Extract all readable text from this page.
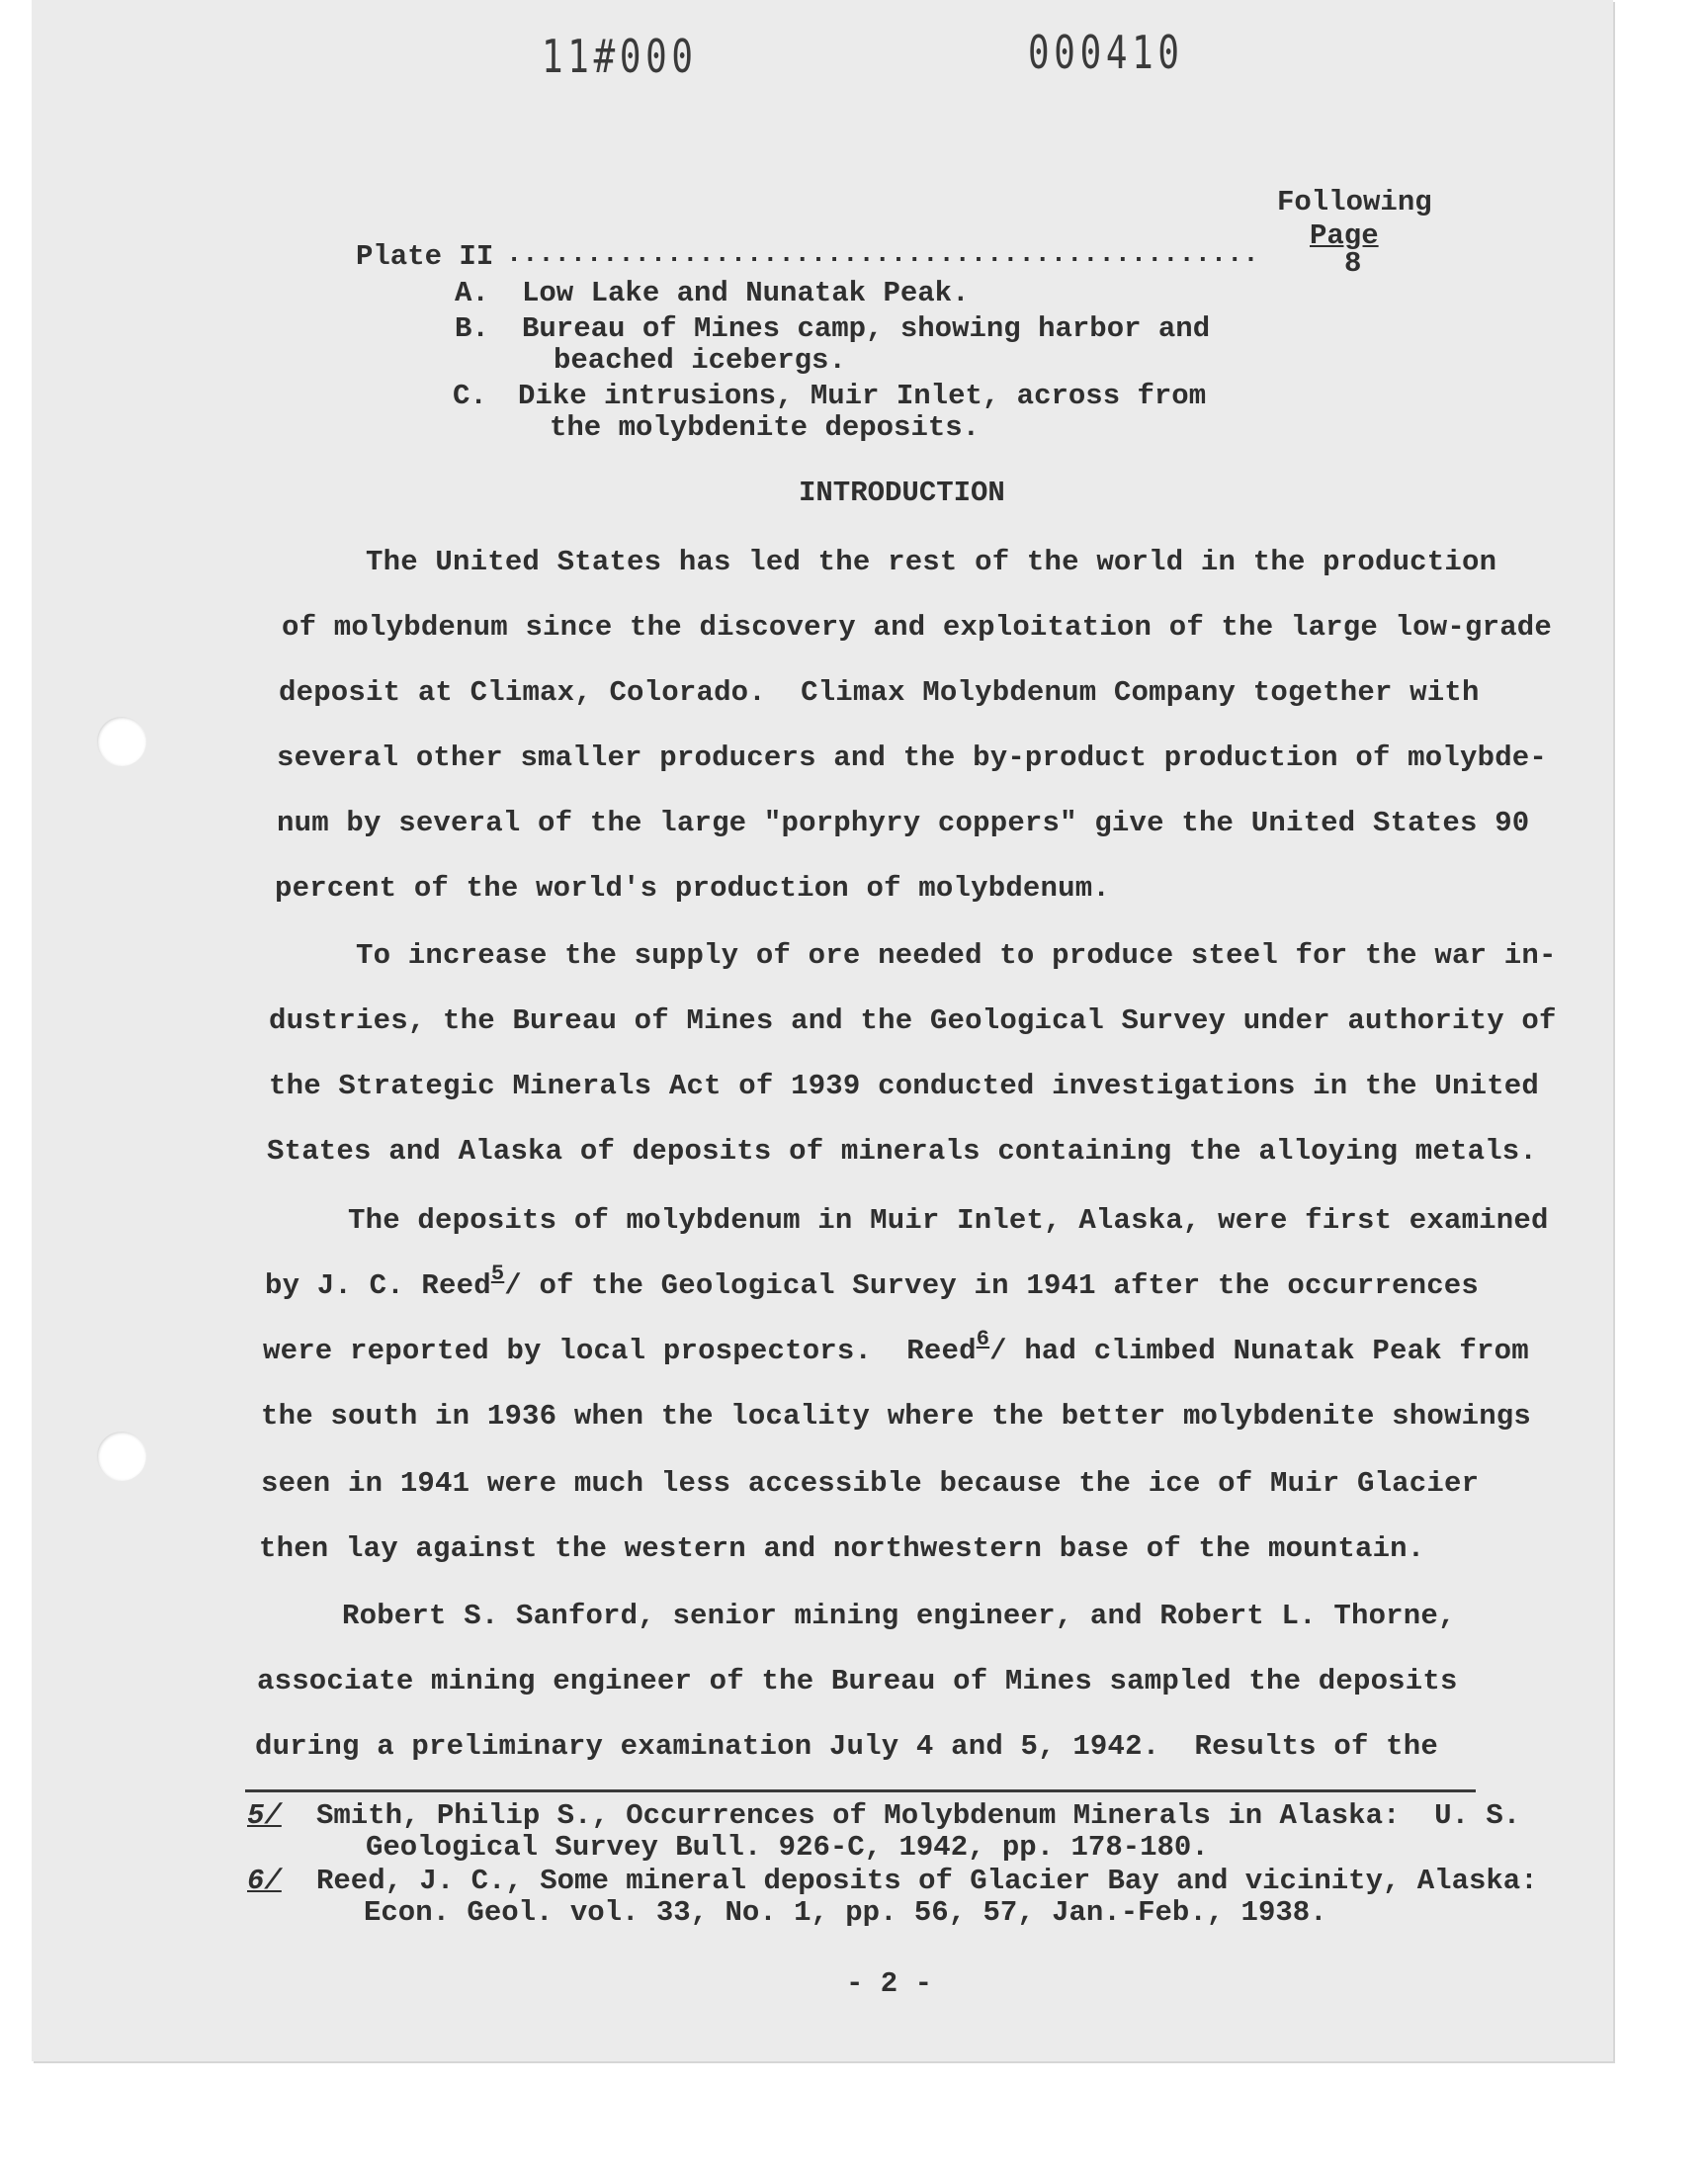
11#000	000410
Following
Page
Plate II ...............................................	8
A. Low Lake and Nunatak Peak.
B. Bureau of Mines camp, showing harbor and
beached icebergs.
C. Dike intrusions, Muir Inlet, across from
the molybdenite deposits.
INTRODUCTION
The United States has led the rest of the world in the production
of molybdenum since the discovery and exploitation of the large low-grade
deposit at Climax, Colorado.  Climax Molybdenum Company together with
several other smaller producers and the by-product production of molybde-
num by several of the large "porphyry coppers" give the United States 90
percent of the world's production of molybdenum.
To increase the supply of ore needed to produce steel for the war in-
dustries, the Bureau of Mines and the Geological Survey under authority of
the Strategic Minerals Act of 1939 conducted investigations in the United
States and Alaska of deposits of minerals containing the alloying metals.
The deposits of molybdenum in Muir Inlet, Alaska, were first examined
by J. C. Reed$^5$/ of the Geological Survey in 1941 after the occurrences
were reported by local prospectors.  Reed$^6$/ had climbed Nunatak Peak from
the south in 1936 when the locality where the better molybdenite showings
seen in 1941 were much less accessible because the ice of Muir Glacier
then lay against the western and northwestern base of the mountain.
Robert S. Sanford, senior mining engineer, and Robert L. Thorne,
associate mining engineer of the Bureau of Mines sampled the deposits
during a preliminary examination July 4 and 5, 1942.  Results of the
5/ Smith, Philip S., Occurrences of Molybdenum Minerals in Alaska:  U. S.
Geological Survey Bull. 926-C, 1942, pp. 178-180.
6/ Reed, J. C., Some mineral deposits of Glacier Bay and vicinity, Alaska:
Econ. Geol. vol. 33, No. 1, pp. 56, 57, Jan.-Feb., 1938.
- 2 -
